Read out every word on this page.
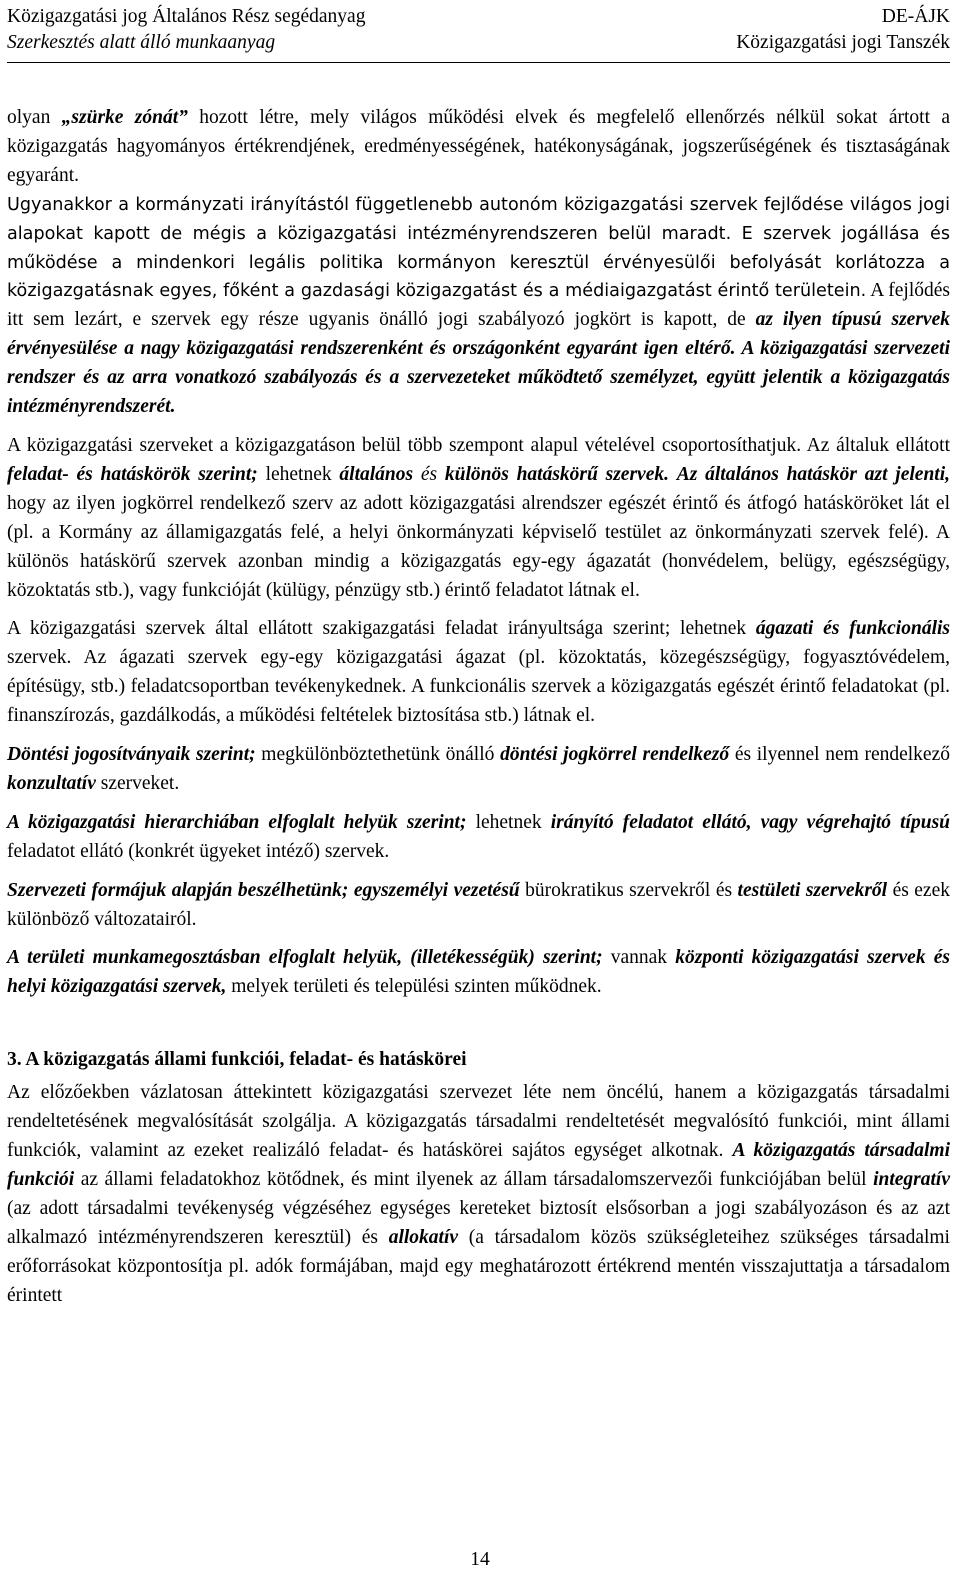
Közigazgatási jog Általános Rész segédanyag
Szerkesztés alatt álló munkaanyag
DE-ÁJK
Közigazgatási jogi Tanszék

olyan „szürke zónát” hozott létre, mely világos működési elvek és megfelelő ellenőrzés nélkül sokat ártott a közigazgatás hagyományos értékrendjének, eredményességének, hatékonyságának, jogszerűségének és tisztaságának egyaránt.

Ugyanakkor a kormányzati irányítástól függetlenebb autonóm közigazgatási szervek fejlődése világos jogi alapokat kapott de mégis a közigazgatási intézményrendszeren belül maradt. E szervek jogállása és működése a mindenkori legális politika kormányon keresztül érvényesülői befolyását korlátozza a közigazgatásnak egyes, főként a gazdasági közigazgatást és a médiaigazgatást érintő területein. A fejlődés itt sem lezárt, e szervek egy része ugyanis önálló jogi szabályozó jogkört is kapott, de az ilyen típusú szervek érvényesülése a nagy közigazgatási rendszerenként és országonként egyaránt igen eltérő. A közigazgatási szervezeti rendszer és az arra vonatkozó szabályozás és a szervezeteket működtető személyzet, együtt jelentik a közigazgatás intézményrendszerét.

A közigazgatási szerveket a közigazgatáson belül több szempont alapul vételével csoportosíthatjuk. Az általuk ellátott feladat- és hatáskörök szerint; lehetnek általános és különös hatáskörű szervek. Az általános hatáskör azt jelenti, hogy az ilyen jogkörrel rendelkező szerv az adott közigazgatási alrendszer egészét érintő és átfogó hatásköröket lát el (pl. a Kormány az államigazgatás felé, a helyi önkormányzati képviselő testület az önkormányzati szervek felé). A különös hatáskörű szervek azonban mindig a közigazgatás egy-egy ágazatát (honvédelem, belügy, egészségügy, közoktatás stb.), vagy funkcióját (külügy, pénzügy stb.) érintő feladatot látnak el.

A közigazgatási szervek által ellátott szakigazgatási feladat irányultsága szerint; lehetnek ágazati és funkcionális szervek. Az ágazati szervek egy-egy közigazgatási ágazat (pl. közoktatás, közegészségügy, fogyasztóvédelem, építésügy, stb.) feladatcsoportban tevékenykednek. A funkcionális szervek a közigazgatás egészét érintő feladatokat (pl. finanszírozás, gazdálkodás, a működési feltételek biztosítása stb.) látnak el.

Döntési jogosítványaik szerint; megkülönböztethetünk önálló döntési jogkörrel rendelkező és ilyennel nem rendelkező konzultatív szerveket.

A közigazgatási hierarchiában elfoglalt helyük szerint; lehetnek irányító feladatot ellátó, vagy végrehajtó típusú feladatot ellátó (konkrét ügyeket intéző) szervek.

Szervezeti formájuk alapján beszélhetünk; egyszemélyi vezetésű bürokratikus szervekről és testületi szervekről és ezek különböző változatairól.

A területi munkamegosztásban elfoglalt helyük, (illetékességük) szerint; vannak központi közigazgatási szervek és helyi közigazgatási szervek, melyek területi és települési szinten működnek.

3. A közigazgatás állami funkciói, feladat- és hatáskörei

Az előzőekben vázlatosan áttekintett közigazgatási szervezet léte nem öncélú, hanem a közigazgatás társadalmi rendeltetésének megvalósítását szolgálja. A közigazgatás társadalmi rendeltetését megvalósító funkciói, mint állami funkciók, valamint az ezeket realizáló feladat- és hatáskörei sajátos egységet alkotnak. A közigazgatás társadalmi funkciói az állami feladatokhoz kötődnek, és mint ilyenek az állam társadalomszervezői funkciójában belül integratív (az adott társadalmi tevékenység végzéséhez egységes kereteket biztosít elsősorban a jogi szabályozáson és az azt alkalmazó intézményrendszeren keresztül) és allokatív (a társadalom közös szükségleteihez szükséges társadalmi erőforrásokat központosítja pl. adók formájában, majd egy meghatározott értékrend mentén visszajuttatja a társadalom érintett

14
